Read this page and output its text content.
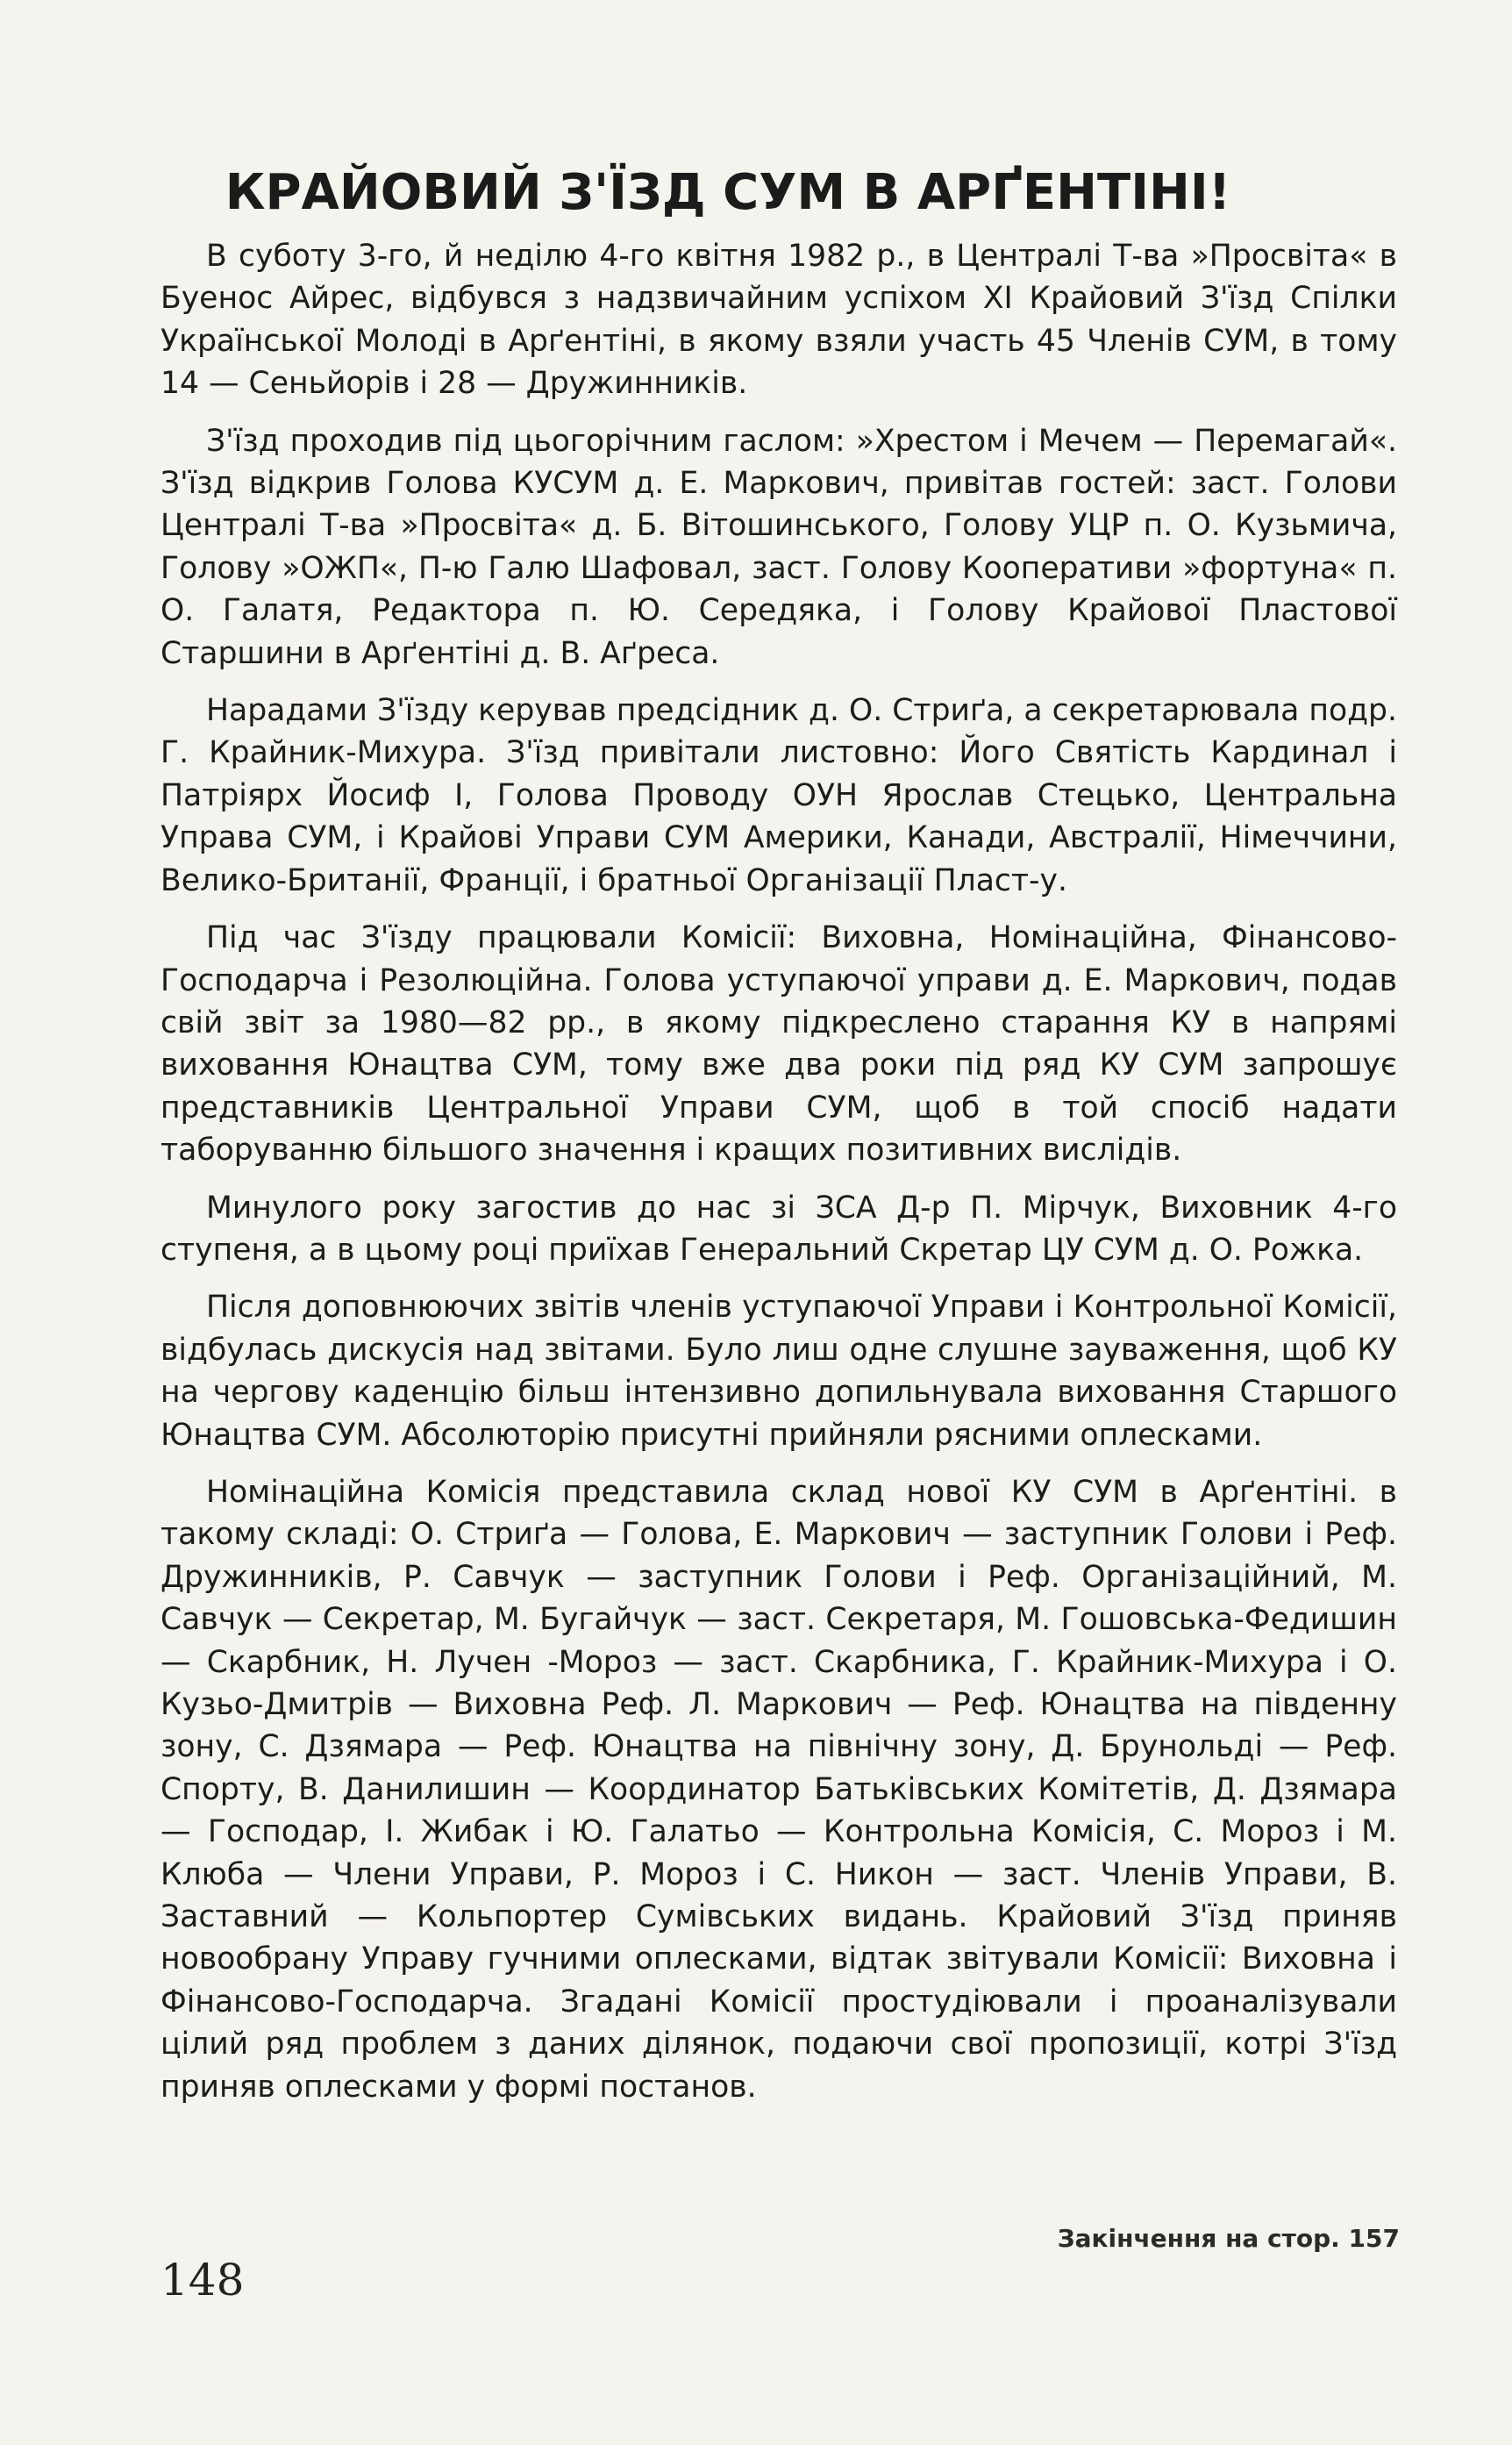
КРАЙОВИЙ З'ЇЗД СУМ В АРҐЕНТІНІ!

В суботу 3-го, й неділю 4-го квітня 1982 р., в Централі Т-ва »Просвіта« в Буенос Айрес, відбувся з надзвичайним успіхом XI Крайовий З'їзд Спілки Української Молоді в Арґентіні, в якому взяли участь 45 Членів СУМ, в тому 14 — Сеньйорів і 28 — Дружинників.

З'їзд проходив під цьогорічним гаслом: »Хрестом і Мечем — Перемагай«. З'їзд відкрив Голова КУСУМ д. Е. Маркович, привітав гостей: заст. Голови Централі Т-ва »Просвіта« д. Б. Вітошинського, Голову УЦР п. О. Кузьмича, Голову »ОЖП«, П-ю Галю Шафовал, заст. Голову Кооперативи »фортуна« п. О. Галатя, Редактора п. Ю. Середяка, і Голову Крайової Пластової Старшини в Арґентіні д. В. Аґреса.

Нарадами З'їзду керував предсідник д. О. Стриґа, а секретарювала подр. Г. Крайник-Михура. З'їзд привітали листовно: Його Святість Кардинал і Патріярх Йосиф І, Голова Проводу ОУН Ярослав Стецько, Центральна Управа СУМ, і Крайові Управи СУМ Америки, Канади, Австралії, Німеччини, Велико-Британії, Франції, і братньої Організації Пласт-у.

Під час З'їзду працювали Комісії: Виховна, Номінаційна, Фінансово-Господарча і Резолюційна. Голова уступаючої управи д. Е. Маркович, подав свій звіт за 1980—82 рр., в якому підкреслено старання КУ в напрямі виховання Юнацтва СУМ, тому вже два роки під ряд КУ СУМ запрошує представників Центральної Управи СУМ, щоб в той спосіб надати таборуванню більшого значення і кращих позитивних вислідів.

Минулого року загостив до нас зі ЗСА Д-р П. Мірчук, Виховник 4-го ступеня, а в цьому році приїхав Генеральний Скретар ЦУ СУМ д. О. Рожка.

Після доповнюючих звітів членів уступаючої Управи і Контрольної Комісії, відбулась дискусія над звітами. Було лиш одне слушне зауваження, щоб КУ на чергову каденцію більш інтензивно допильнувала виховання Старшого Юнацтва СУМ. Абсолюторію присутні прийняли рясними оплесками.

Номінаційна Комісія представила склад нової КУ СУМ в Арґентіні. в такому складі: О. Стриґа — Голова, Е. Маркович — заступник Голови і Реф. Дружинників, Р. Савчук — заступник Голови і Реф. Організаційний, М. Савчук — Секретар, М. Бугайчук — заст. Секретаря, М. Гошовська-Федишин — Скарбник, Н. Лучен -Мороз — заст. Скарбника, Г. Крайник-Михура і О. Кузьо-Дмитрів — Виховна Реф. Л. Маркович — Реф. Юнацтва на південну зону, С. Дзямара — Реф. Юнацтва на північну зону, Д. Брунольді — Реф. Спорту, В. Данилишин — Координатор Батьківських Комітетів, Д. Дзямара — Господар, І. Жибак і Ю. Галатьо — Контрольна Комісія, С. Мороз і М. Клюба — Члени Управи, Р. Мороз і С. Никон — заст. Членів Управи, В. Заставний — Кольпортер Сумівських видань. Крайовий З'їзд приняв новообрану Управу гучними оплесками, відтак звітували Комісії: Виховна і Фінансово-Господарча. Згадані Комісії простудіювали і проаналізували цілий ряд проблем з даних ділянок, подаючи свої пропозиції, котрі З'їзд приняв оплесками у формі постанов.

Закінчення на стор. 157

148
